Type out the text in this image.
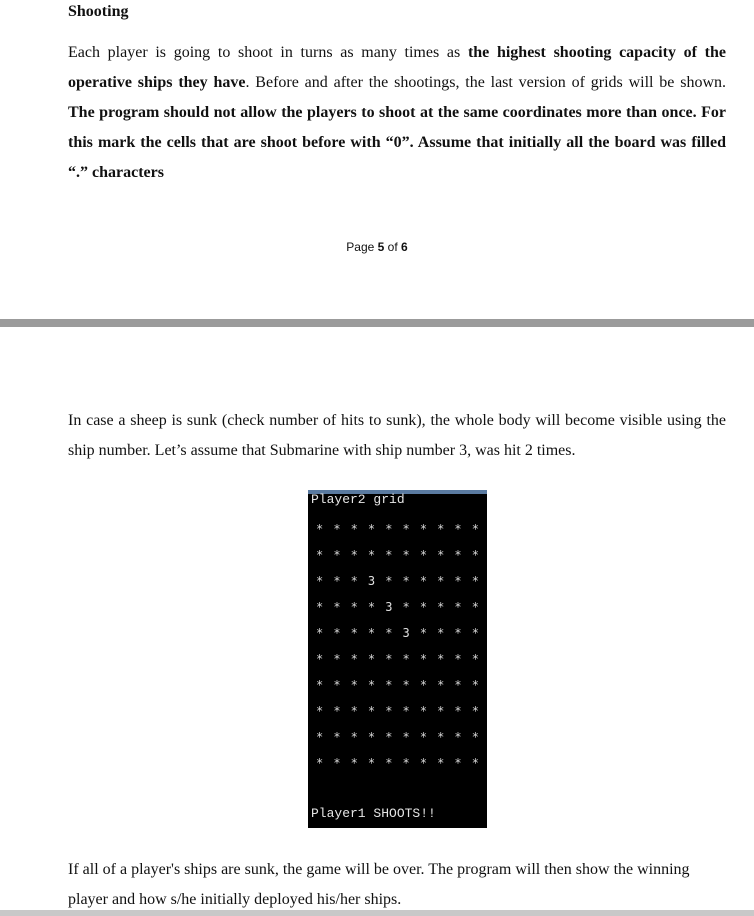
Shooting
Each player is going to shoot in turns as many times as the highest shooting capacity of the operative ships they have. Before and after the shootings, the last version of grids will be shown. The program should not allow the players to shoot at the same coordinates more than once. For this mark the cells that are shoot before with “0”. Assume that initially all the board was filled “.” characters
Page 5 of 6
In case a sheep is sunk (check number of hits to sunk), the whole body will become visible using the ship number. Let’s assume that Submarine with ship number 3, was hit 2 times.
Player2 grid
* * * * * * * * * *
* * * * * * * * * *
* * * 3 * * * * * *
* * * * 3 * * * * *
* * * * * 3 * * * *
* * * * * * * * * *
* * * * * * * * * *
* * * * * * * * * *
* * * * * * * * * *
* * * * * * * * * *
Player1 SHOOTS!!
If all of a player's ships are sunk, the game will be over. The program will then show the winning player and how s/he initially deployed his/her ships.
